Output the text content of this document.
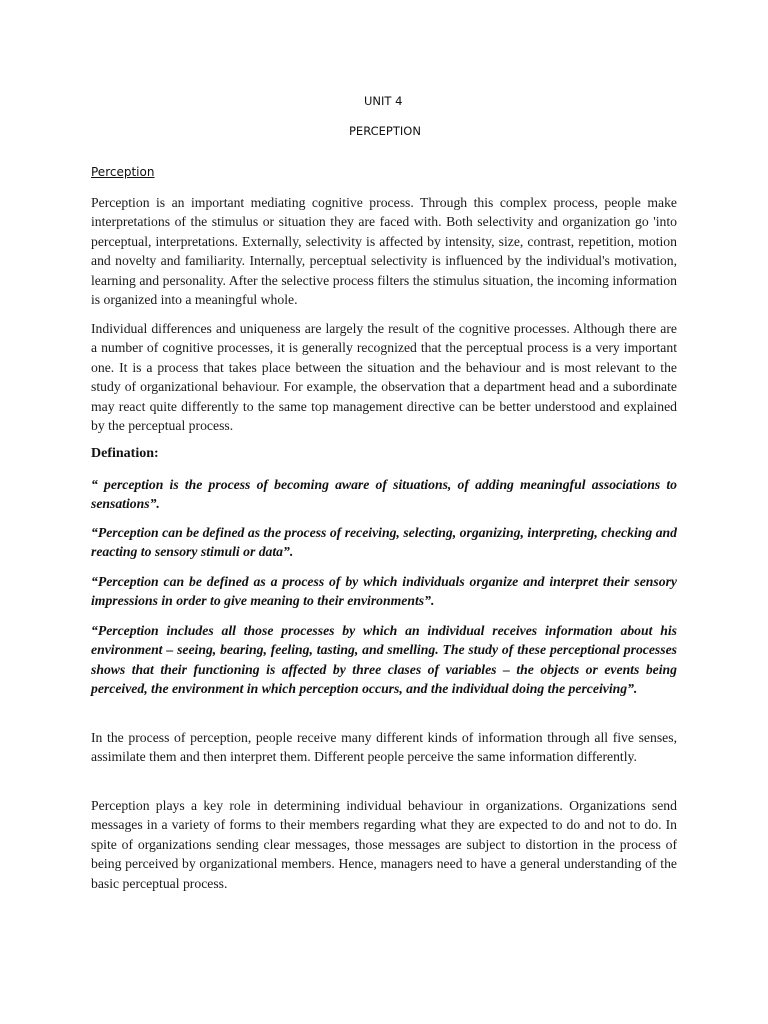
UNIT 4
PERCEPTION
Perception

Perception is an important mediating cognitive process. Through this complex process, people make interpretations of the stimulus or situation they are faced with. Both selectivity and organization go 'into perceptual, interpretations. Externally, selectivity is affected by intensity, size, contrast, repetition, motion and novelty and familiarity. Internally, perceptual selectivity is influenced by the individual's motivation, learning and personality. After the selective process filters the stimulus situation, the incoming information is organized into a meaningful whole.

Individual differences and uniqueness are largely the result of the cognitive processes. Although there are a number of cognitive processes, it is generally recognized that the perceptual process is a very important one. It is a process that takes place between the situation and the behaviour and is most relevant to the study of organizational behaviour. For example, the observation that a department head and a subordinate may react quite differently to the same top management directive can be better understood and explained by the perceptual process.

Defination:

“ perception is the process of becoming aware of situations, of adding meaningful associations to sensations”.

“Perception can be defined as the process of receiving, selecting, organizing, interpreting, checking and reacting to sensory stimuli or data”.

“Perception can be defined as a process of by which individuals organize and interpret their sensory impressions in order to give meaning to their environments”.

“Perception includes all those processes by which an individual receives information about his environment – seeing, bearing, feeling, tasting, and smelling. The study of these perceptional processes shows that their functioning is affected by three clases of variables – the objects or events being perceived, the environment in which perception occurs, and the individual doing the perceiving”.

In the process of perception, people receive many different kinds of information through all five senses, assimilate them and then interpret them. Different people perceive the same information differently.

Perception plays a key role in determining individual behaviour in organizations. Organizations send messages in a variety of forms to their members regarding what they are expected to do and not to do. In spite of organizations sending clear messages, those messages are subject to distortion in the process of being perceived by organizational members. Hence, managers need to have a general understanding of the basic perceptual process.
